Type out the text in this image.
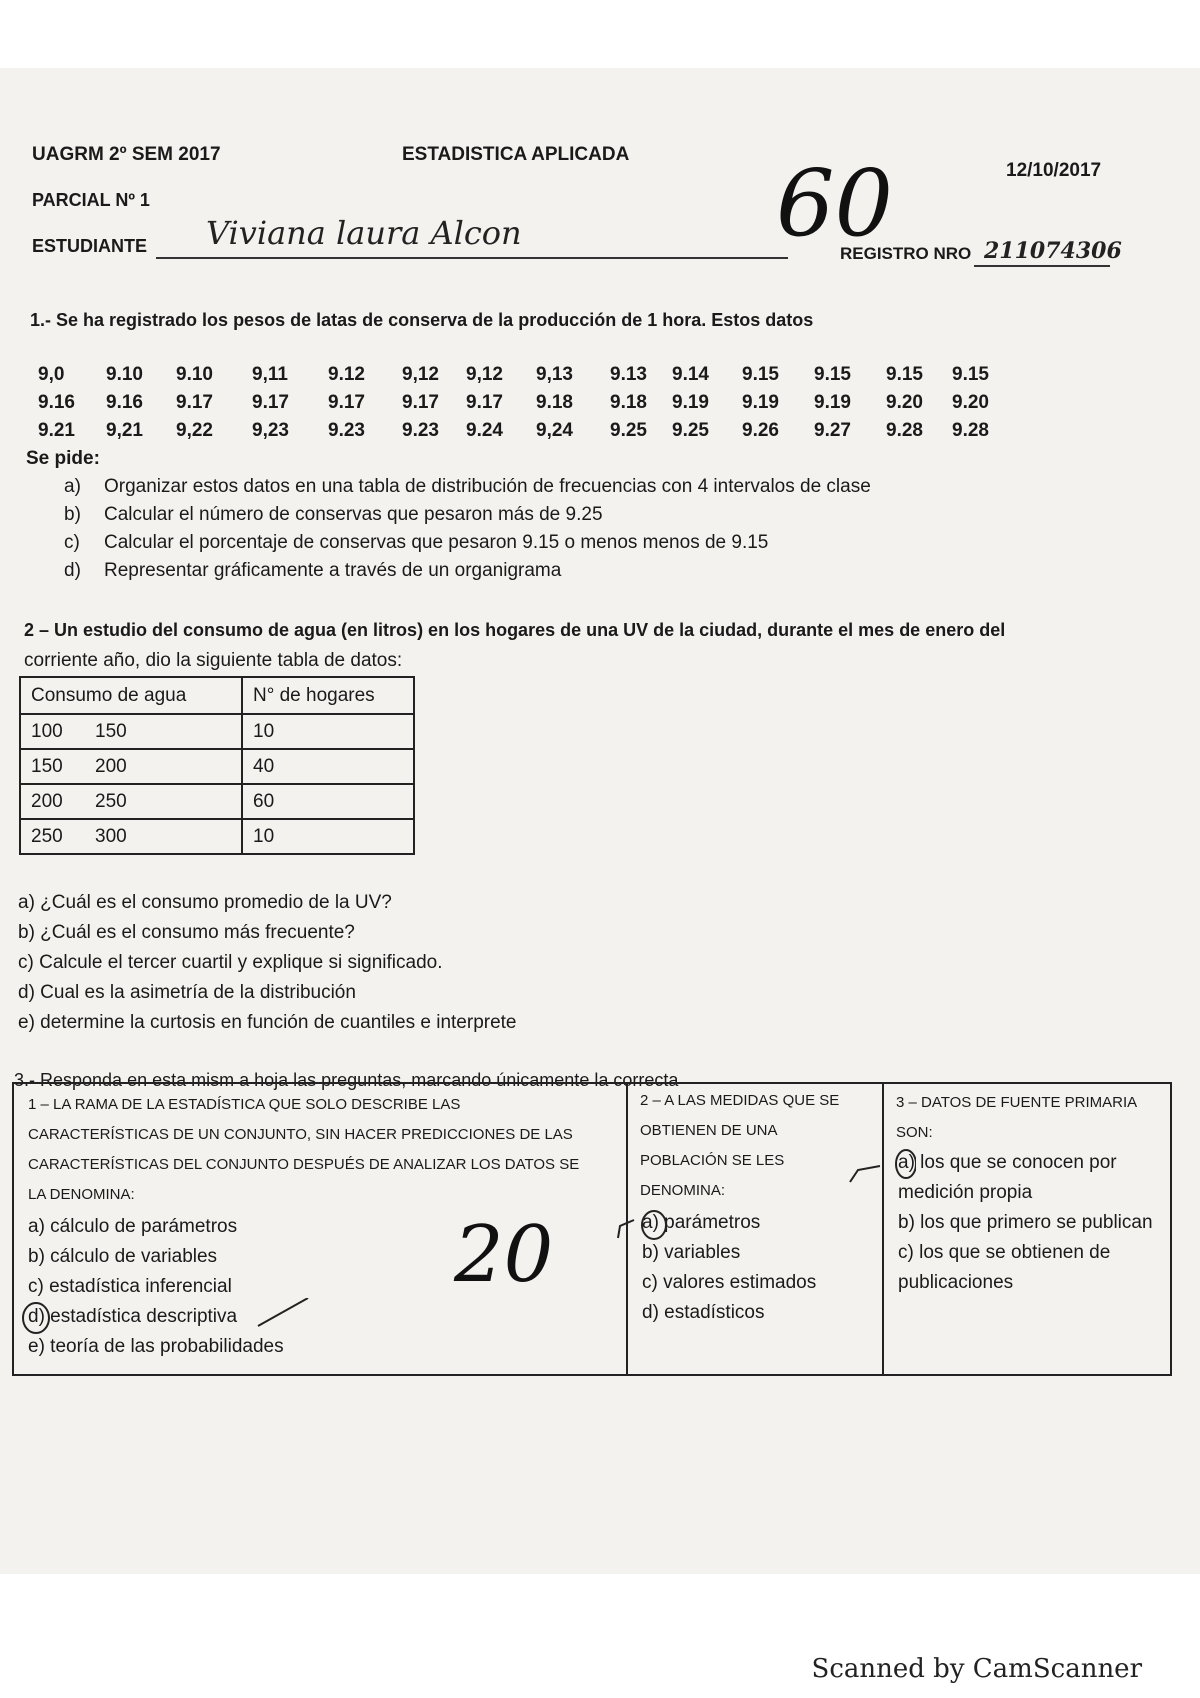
UAGRM 2º SEM 2017	ESTADISTICA APLICADA
12/10/2017
PARCIAL Nº 1
ESTUDIANTE Viviana laura Alcon	60
REGISTRO NRO 211074306
1.- Se ha registrado los pesos de latas de conserva de la producción de 1 hora. Estos datos
9,0 9.10 9.10 9,11 9.12 9,12 9,12 9,13 9.13 9.14 9.15 9.15 9.15 9.15
9.16 9.16 9.17 9.17 9.17 9.17 9.17 9.18 9.18 9.19 9.19 9.19 9.20 9.20
9.21 9,21 9,22 9,23 9.23 9.23 9.24 9,24 9.25 9.25 9.26 9.27 9.28 9.28
Se pide:
a) Organizar estos datos en una tabla de distribución de frecuencias con 4 intervalos de clase
b) Calcular el número de conservas que pesaron más de 9.25
c) Calcular el porcentaje de conservas que pesaron 9.15 o menos menos de 9.15
d) Representar gráficamente a través de un organigrama
2 – Un estudio del consumo de agua (en litros) en los hogares de una UV de la ciudad, durante el mes de enero del
corriente año, dio la siguiente tabla de datos:
Consumo de agua	N° de hogares
100 150	10
150 200	40
200 250	60
250 300	10
a) ¿Cuál es el consumo promedio de la UV?
b) ¿Cuál es el consumo más frecuente?
c) Calcule el tercer cuartil y explique si significado.
d) Cual es la asimetría de la distribución
e) determine la curtosis en función de cuantiles e interprete
3.- Responda en esta mism a hoja las preguntas, marcando únicamente la correcta
1 – LA RAMA DE LA ESTADÍSTICA QUE SOLO DESCRIBE LAS
CARACTERÍSTICAS DE UN CONJUNTO, SIN HACER PREDICCIONES DE LAS
CARACTERÍSTICAS DEL CONJUNTO DESPUÉS DE ANALIZAR LOS DATOS SE
LA DENOMINA:
a) cálculo de parámetros
b) cálculo de variables
c) estadística inferencial
d) estadística descriptiva
e) teoría de las probabilidades
20
2 – A LAS MEDIDAS QUE SE
OBTIENEN DE UNA
POBLACIÓN SE LES
DENOMINA:
a) parámetros
b) variables
c) valores estimados
d) estadísticos
3 – DATOS DE FUENTE PRIMARIA
SON:
a) los que se conocen por
medición propia
b) los que primero se publican
c) los que se obtienen de
publicaciones
Scanned by CamScanner
